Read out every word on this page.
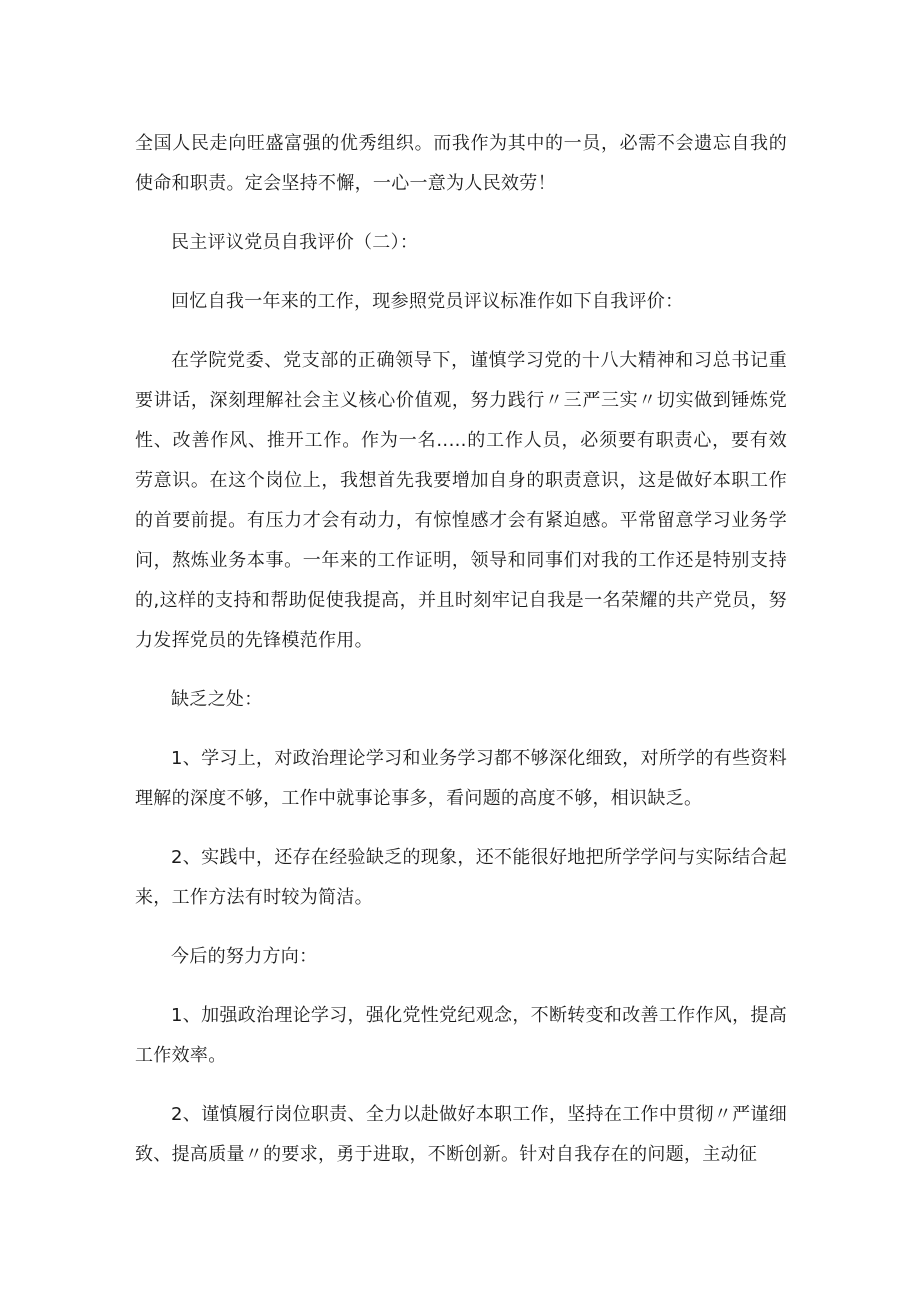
全国人民走向旺盛富强的优秀组织。而我作为其中的一员，必需不会遗忘自我的使命和职责。定会坚持不懈，一心一意为人民效劳！

民主评议党员自我评价（二）：

回忆自我一年来的工作，现参照党员评议标准作如下自我评价：

在学院党委、党支部的正确领导下，谨慎学习党的十八大精神和习总书记重要讲话，深刻理解社会主义核心价值观，努力践行〃三严三实〃切实做到锤炼党性、改善作风、推开工作。作为一名..…的工作人员，必须要有职责心，要有效劳意识。在这个岗位上，我想首先我要增加自身的职责意识，这是做好本职工作的首要前提。有压力才会有动力，有惊惶感才会有紧迫感。平常留意学习业务学问，熬炼业务本事。一年来的工作证明，领导和同事们对我的工作还是特别支持的,这样的支持和帮助促使我提高，并且时刻牢记自我是一名荣耀的共产党员，努力发挥党员的先锋模范作用。

缺乏之处：

1、学习上，对政治理论学习和业务学习都不够深化细致，对所学的有些资料理解的深度不够，工作中就事论事多，看问题的高度不够，相识缺乏。

2、实践中，还存在经验缺乏的现象，还不能很好地把所学学问与实际结合起来，工作方法有时较为简洁。

今后的努力方向：

1、加强政治理论学习，强化党性党纪观念，不断转变和改善工作作风，提高工作效率。

2、谨慎履行岗位职责、全力以赴做好本职工作，坚持在工作中贯彻〃严谨细致、提高质量〃的要求，勇于进取，不断创新。针对自我存在的问题，主动征
